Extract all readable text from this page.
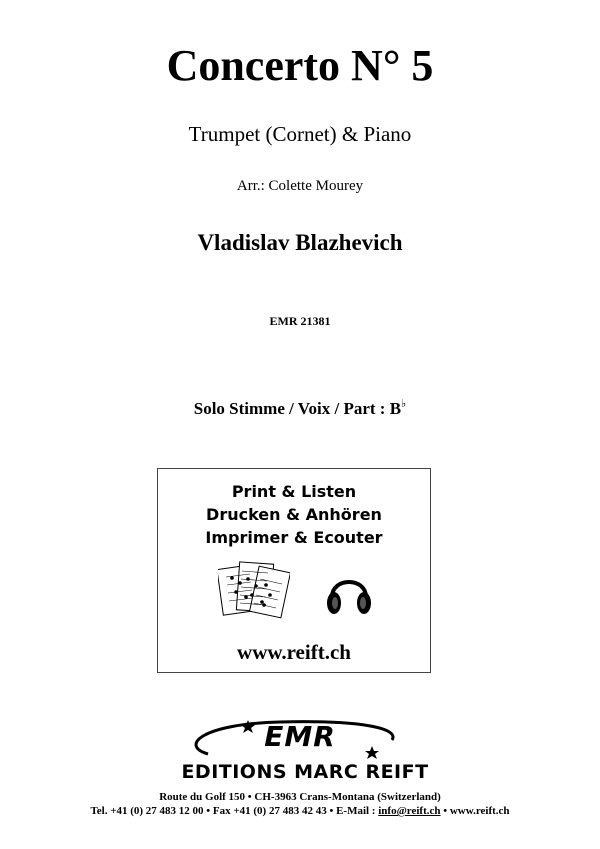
Concerto N° 5
Trumpet (Cornet) & Piano
Arr.: Colette Mourey
Vladislav Blazhevich
EMR 21381
Solo Stimme / Voix / Part : B♭
Print & Listen
Drucken & Anhören
Imprimer & Ecouter
www.reift.ch
EMR
EDITIONS MARC REIFT
Route du Golf 150 • CH-3963 Crans-Montana (Switzerland)
Tel. +41 (0) 27 483 12 00 • Fax +41 (0) 27 483 42 43 • E-Mail : info@reift.ch • www.reift.ch
